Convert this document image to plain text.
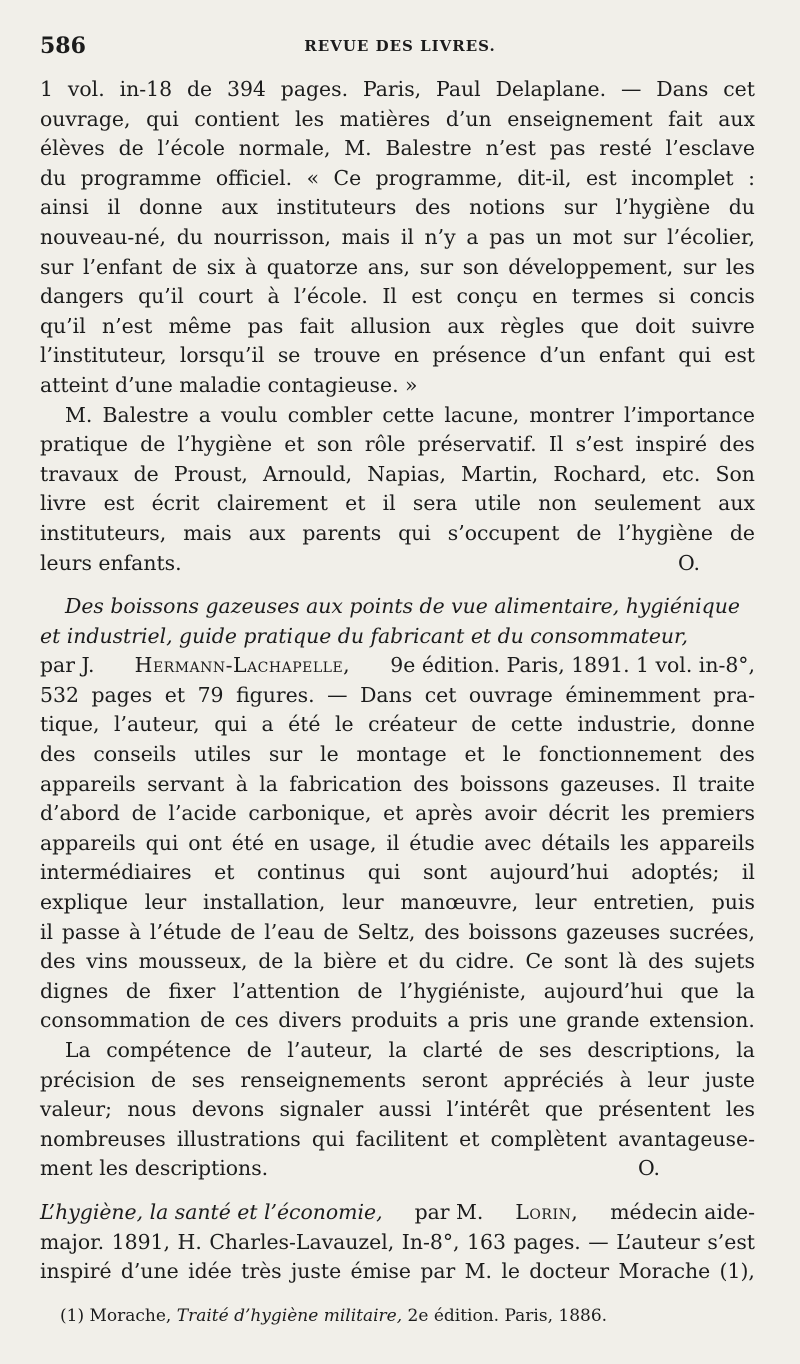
586	REVUE DES LIVRES.
1 vol. in-18 de 394 pages. Paris, Paul Delaplane. — Dans cet
ouvrage, qui contient les matières d’un enseignement fait aux
élèves de l’école normale, M. Balestre n’est pas resté l’esclave
du programme officiel. « Ce programme, dit-il, est incomplet :
ainsi il donne aux instituteurs des notions sur l’hygiène du
nouveau-né, du nourrisson, mais il n’y a pas un mot sur l’écolier,
sur l’enfant de six à quatorze ans, sur son développement, sur les
dangers qu’il court à l’école. Il est conçu en termes si concis
qu’il n’est même pas fait allusion aux règles que doit suivre
l’instituteur, lorsqu’il se trouve en présence d’un enfant qui est
atteint d’une maladie contagieuse. »
M. Balestre a voulu combler cette lacune, montrer l’importance
pratique de l’hygiène et son rôle préservatif. Il s’est inspiré des
travaux de Proust, Arnould, Napias, Martin, Rochard, etc. Son
livre est écrit clairement et il sera utile non seulement aux
instituteurs, mais aux parents qui s’occupent de l’hygiène de
leurs enfants.	O.
Des boissons gazeuses aux points de vue alimentaire, hygiénique
et industriel, guide pratique du fabricant et du consommateur,
par J. Hermann-Lachapelle, 9e édition. Paris, 1891. 1 vol. in-8°,
532 pages et 79 figures. — Dans cet ouvrage éminemment pra-
tique, l’auteur, qui a été le créateur de cette industrie, donne
des conseils utiles sur le montage et le fonctionnement des
appareils servant à la fabrication des boissons gazeuses. Il traite
d’abord de l’acide carbonique, et après avoir décrit les premiers
appareils qui ont été en usage, il étudie avec détails les appareils
intermédiaires et continus qui sont aujourd’hui adoptés; il
explique leur installation, leur manœuvre, leur entretien, puis
il passe à l’étude de l’eau de Seltz, des boissons gazeuses sucrées,
des vins mousseux, de la bière et du cidre. Ce sont là des sujets
dignes de fixer l’attention de l’hygiéniste, aujourd’hui que la
consommation de ces divers produits a pris une grande extension.
La compétence de l’auteur, la clarté de ses descriptions, la
précision de ses renseignements seront appréciés à leur juste
valeur; nous devons signaler aussi l’intérêt que présentent les
nombreuses illustrations qui facilitent et complètent avantageuse-
ment les descriptions.	O.
L’hygiène, la santé et l’économie, par M. Lorin, médecin aide-
major. 1891, H. Charles-Lavauzel, In-8°, 163 pages. — L’auteur s’est
inspiré d’une idée très juste émise par M. le docteur Morache (1),
(1) Morache, Traité d’hygiène militaire, 2e édition. Paris, 1886.
